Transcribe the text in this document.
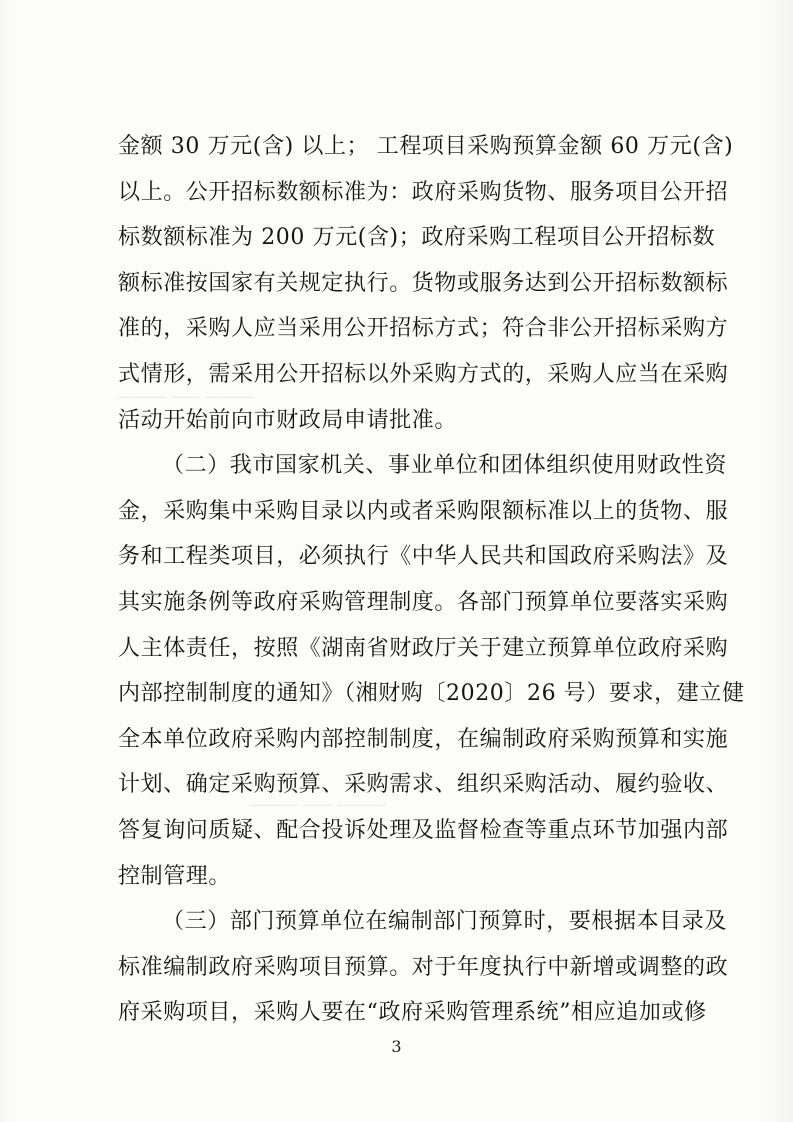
───── ─── ─────
───── ─── ─────

金额 30 万元(含) 以上； 工程项目采购预算金额 60 万元(含)
以上。公开招标数额标准为：政府采购货物、服务项目公开招
标数额标准为 200 万元(含)；政府采购工程项目公开招标数
额标准按国家有关规定执行。货物或服务达到公开招标数额标
准的，采购人应当采用公开招标方式；符合非公开招标采购方
式情形，需采用公开招标以外采购方式的，采购人应当在采购
活动开始前向市财政局申请批准。

（二）我市国家机关、事业单位和团体组织使用财政性资
金，采购集中采购目录以内或者采购限额标准以上的货物、服
务和工程类项目，必须执行《中华人民共和国政府采购法》及
其实施条例等政府采购管理制度。各部门预算单位要落实采购
人主体责任，按照《湖南省财政厅关于建立预算单位政府采购
内部控制制度的通知》（湘财购〔2020〕26 号）要求，建立健
全本单位政府采购内部控制制度，在编制政府采购预算和实施
计划、确定采购预算、采购需求、组织采购活动、履约验收、
答复询问质疑、配合投诉处理及监督检查等重点环节加强内部
控制管理。

（三）部门预算单位在编制部门预算时，要根据本目录及
标准编制政府采购项目预算。对于年度执行中新增或调整的政
府采购项目，采购人要在“政府采购管理系统”相应追加或修

3
